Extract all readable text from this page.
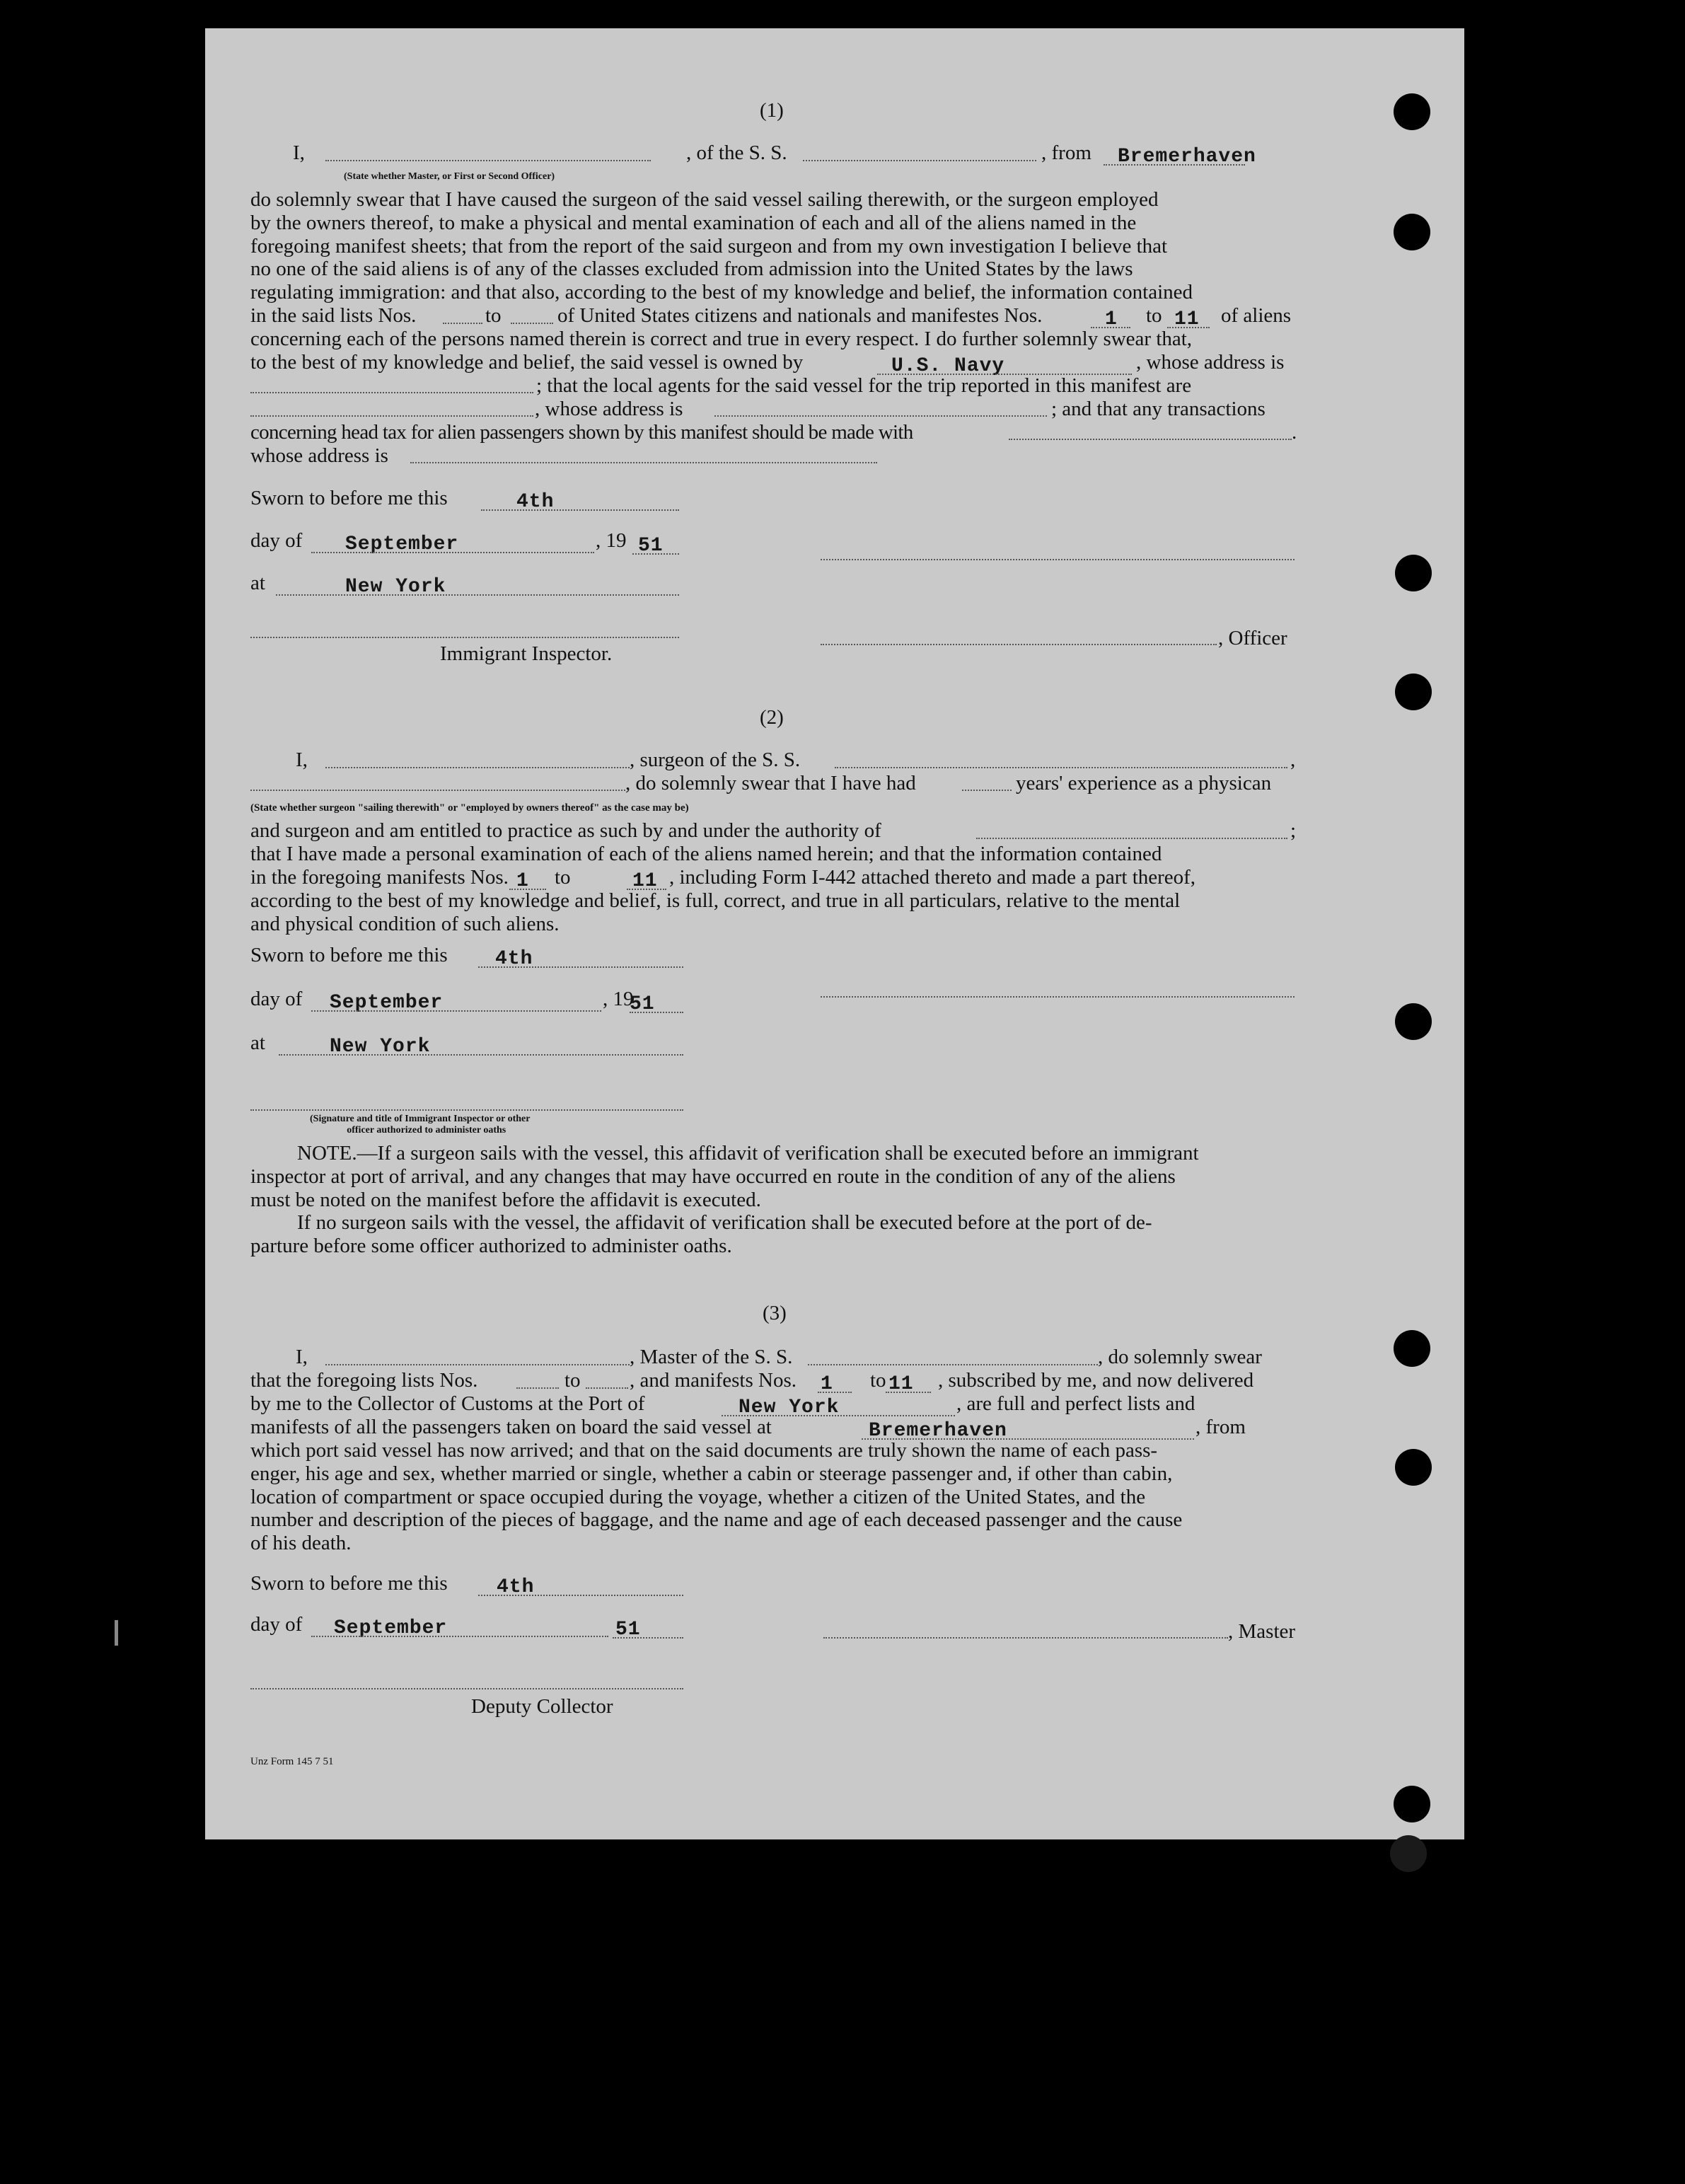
(1)
I,	, of the S. S.	, from Bremerhaven
(State whether Master, or First or Second Officer)
do solemnly swear that I have caused the surgeon of the said vessel sailing therewith, or the surgeon employed
by the owners thereof, to make a physical and mental examination of each and all of the aliens named in the
foregoing manifest sheets; that from the report of the said surgeon and from my own investigation I believe that
no one of the said aliens is of any of the classes excluded from admission into the United States by the laws
regulating immigration: and that also, according to the best of my knowledge and belief, the information contained
in the said lists Nos.	to	of United States citizens and nationals and manifestes Nos.	1 to 11 of aliens
concerning each of the persons named therein is correct and true in every respect. I do further solemnly swear that,
to the best of my knowledge and belief, the said vessel is owned by	U.S. Navy	, whose address is
; that the local agents for the said vessel for the trip reported in this manifest are
, whose address is	; and that any transactions
concerning head tax for alien passengers shown by this manifest should be made with	.
whose address is
Sworn to before me this	4th
day of September	, 19 51
at	New York
Immigrant Inspector.
, Officer
(2)
I,	, surgeon of the S. S.	,
, do solemnly swear that I have had	years' experience as a physican
(State whether surgeon "sailing therewith" or "employed by owners thereof" as the case may be)
and surgeon and am entitled to practice as such by and under the authority of	;
that I have made a personal examination of each of the aliens named herein; and that the information contained
in the foregoing manifests Nos. 1 to	11 , including Form I-442 attached thereto and made a part thereof,
according to the best of my knowledge and belief, is full, correct, and true in all particulars, relative to the mental
and physical condition of such aliens.
Sworn to before me this 4th
day of September	, 19
51
at	New York
(Signature and title of Immigrant Inspector or other
officer authorized to administer oaths
NOTE.—If a surgeon sails with the vessel, this affidavit of verification shall be executed before an immigrant
inspector at port of arrival, and any changes that may have occurred en route in the condition of any of the aliens
must be noted on the manifest before the affidavit is executed.
If no surgeon sails with the vessel, the affidavit of verification shall be executed before at the port of de-
parture before some officer authorized to administer oaths.
(3)
I,	, Master of the S. S.	, do solemnly swear
that the foregoing lists Nos.	to , and manifests Nos. 1 to 11 , subscribed by me, and now delivered
by me to the Collector of Customs at the Port of	New York	, are full and perfect lists and
manifests of all the passengers taken on board the said vessel at	Bremerhaven	, from
which port said vessel has now arrived; and that on the said documents are truly shown the name of each pass-
enger, his age and sex, whether married or single, whether a cabin or steerage passenger and, if other than cabin,
location of compartment or space occupied during the voyage, whether a citizen of the United States, and the
number and description of the pieces of baggage, and the name and age of each deceased passenger and the cause
of his death.
Sworn to before me this 4th
day of September	51	, Master
Deputy Collector
Unz Form 145 7 51
